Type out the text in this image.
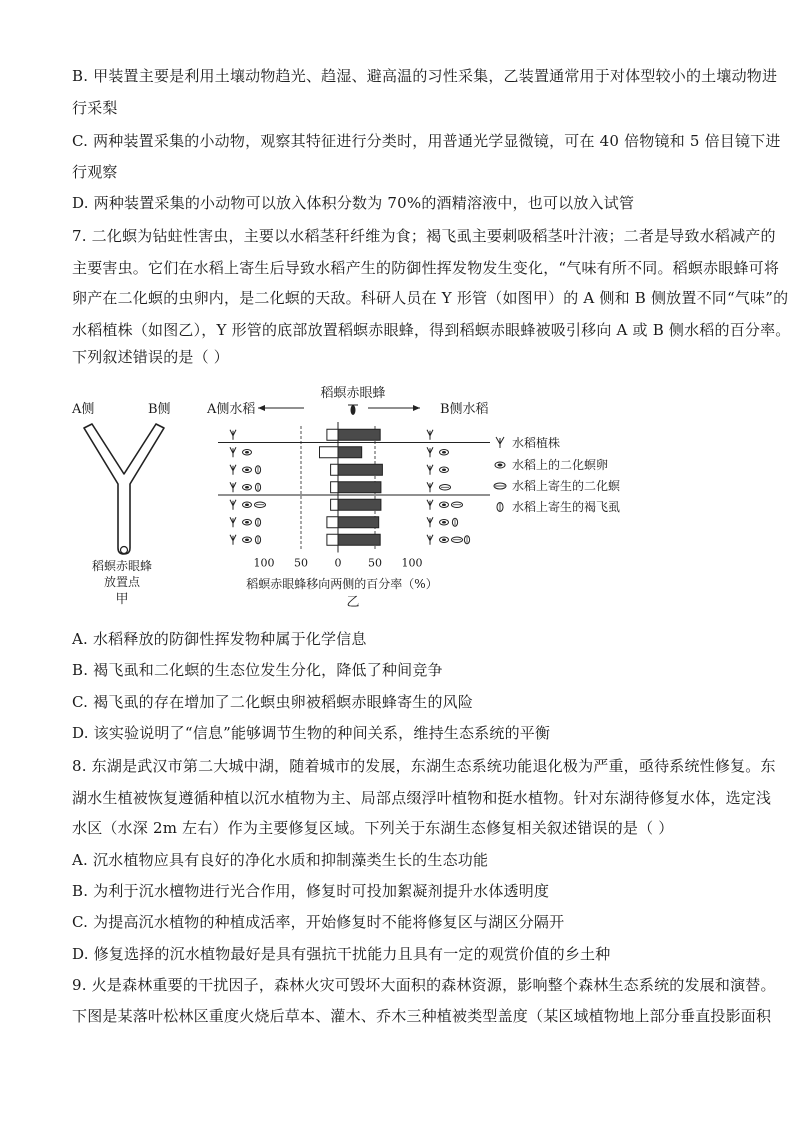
B. 甲装置主要是利用土壤动物趋光、趋湿、避高温的习性采集，乙装置通常用于对体型较小的土壤动物进
行采梨
C. 两种装置采集的小动物，观察其特征进行分类时，用普通光学显微镜，可在 40 倍物镜和 5 倍目镜下进
行观察
D. 两种装置采集的小动物可以放入体积分数为 70%的酒精溶液中，也可以放入试管
7. 二化螟为钻蛀性害虫，主要以水稻茎秆纤维为食；褐飞虱主要刺吸稻茎叶汁液；二者是导致水稻减产的
主要害虫。它们在水稻上寄生后导致水稻产生的防御性挥发物发生变化，“气味有所不同。稻螟赤眼蜂可将
卵产在二化螟的虫卵内，是二化螟的天敌。科研人员在 Y 形管（如图甲）的 A 侧和 B 侧放置不同“气味”的
水稻植株（如图乙），Y 形管的底部放置稻螟赤眼蜂，得到稻螟赤眼蜂被吸引移向 A 或 B 侧水稻的百分率。
下列叙述错误的是（ ）
A侧	B侧
稻螟赤眼蜂
放置点
甲
A侧水稻
稻螟赤眼蜂
B侧水稻
100 50 0 50 100
水稻植株
水稻上的二化螟卵
水稻上寄生的二化螟
水稻上寄生的褐飞虱
稻螟赤眼蜂移向两侧的百分率（%）
乙
A. 水稻释放的防御性挥发物种属于化学信息
B. 褐飞虱和二化螟的生态位发生分化，降低了种间竞争
C. 褐飞虱的存在增加了二化螟虫卵被稻螟赤眼蜂寄生的风险
D. 该实验说明了“信息”能够调节生物的种间关系，维持生态系统的平衡
8. 东湖是武汉市第二大城中湖，随着城市的发展，东湖生态系统功能退化极为严重，亟待系统性修复。东
湖水生植被恢复遵循种植以沉水植物为主、局部点缀浮叶植物和挺水植物。针对东湖待修复水体，选定浅
水区（水深 2m 左右）作为主要修复区域。下列关于东湖生态修复相关叙述错误的是（ ）
A. 沉水植物应具有良好的净化水质和抑制藻类生长的生态功能
B. 为利于沉水檀物进行光合作用，修复时可投加絮凝剂提升水体透明度
C. 为提高沉水植物的种植成活率，开始修复时不能将修复区与湖区分隔开
D. 修复选择的沉水植物最好是具有强抗干扰能力且具有一定的观赏价值的乡土种
9. 火是森林重要的干扰因子，森林火灾可毁坏大面积的森林资源，影响整个森林生态系统的发展和演替。
下图是某落叶松林区重度火烧后草本、灌木、乔木三种植被类型盖度（某区域植物地上部分垂直投影面积
